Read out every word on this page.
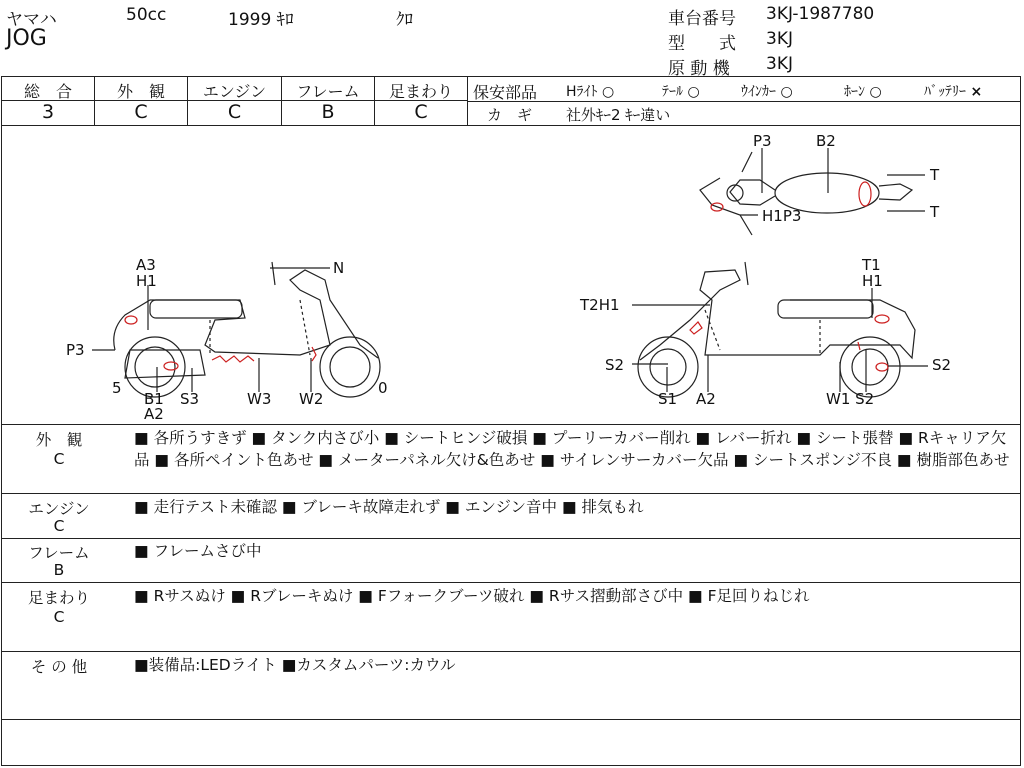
ヤマハ	50cc	1999 ｷﾛ	ｸﾛ
JOG
車台番号 3KJ-1987780
型　　式 3KJ
原 動 機 3KJ
総　合	外　観	エンジン	フレーム	足まわり
3	C	C	B	C
保安部品 Hﾗｲﾄ ○	ﾃｰﾙ ○	ｳｲﾝｶｰ ○	ﾎｰﾝ ○	ﾊﾞｯﾃﾘｰ ×
カ　ギ 社外ｷｰ2 ｷｰ違い
P3	B2
T
T
H1P3
A3
H1
N
P3
5	0
B1
A2
S3	W3 W2
T1
H1
T2H1
S2	S2
S1 A2	W1 S2
外　観
C
■ 各所うすきず ■ タンク内さび小 ■ シートヒンジ破損 ■ プーリーカバー削れ ■ レバー折れ ■ シート張替 ■ Rキャリア欠品 ■ 各所ペイント色あせ ■ メーターパネル欠け&色あせ ■ サイレンサーカバー欠品 ■ シートスポンジ不良 ■ 樹脂部色あせ
エンジン
C
■ 走行テスト未確認 ■ ブレーキ故障走れず ■ エンジン音中 ■ 排気もれ
フレーム
B
■ フレームさび中
足まわり
C
■ Rサスぬけ ■ Rブレーキぬけ ■ Fフォークブーツ破れ ■ Rサス摺動部さび中 ■ F足回りねじれ
そ の 他	■装備品:LEDライト ■カスタムパーツ:カウル
